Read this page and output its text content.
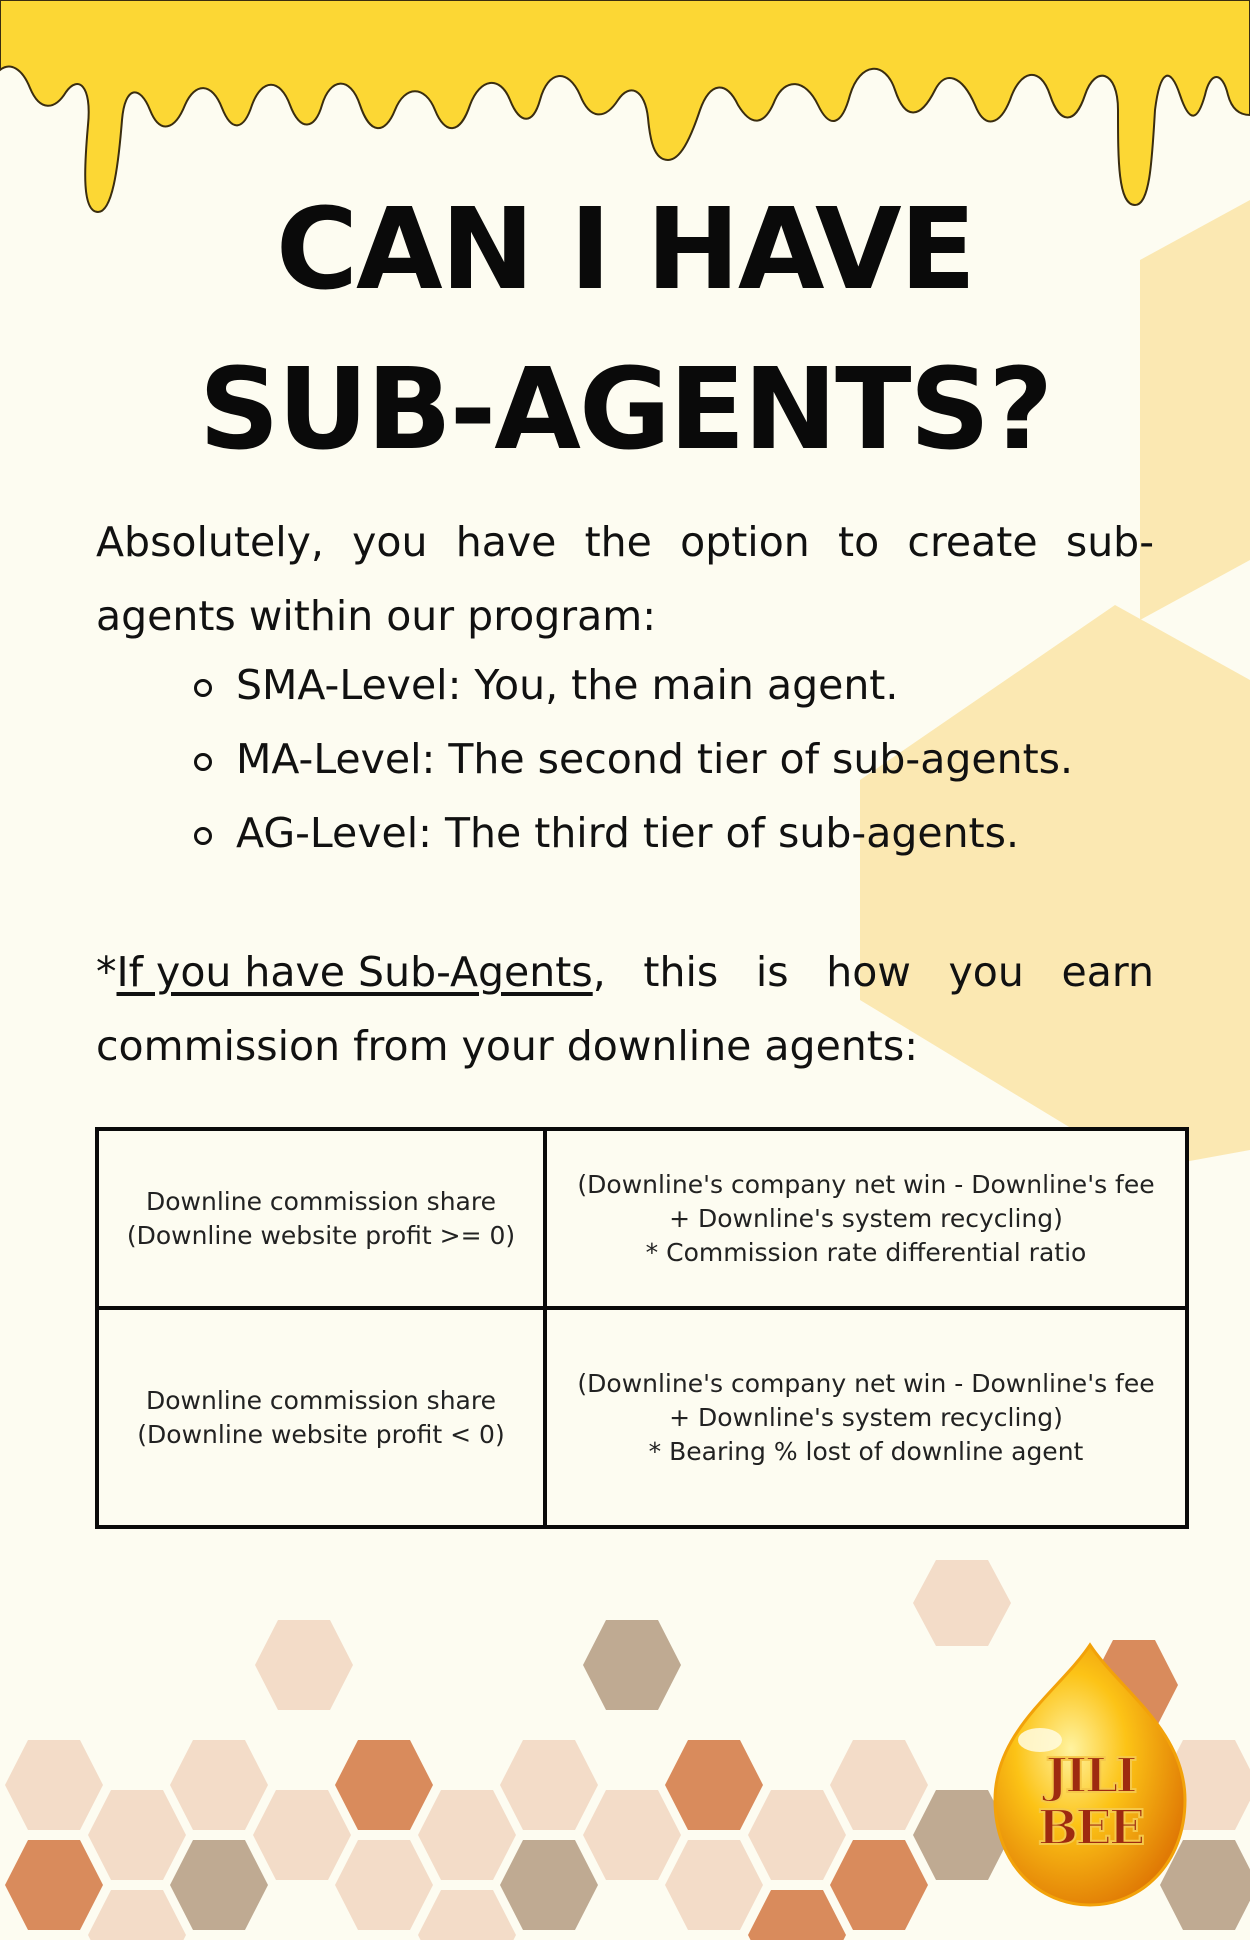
CAN I HAVE
SUB-AGENTS?

Absolutely, you have the option to create sub-agents within our program:

SMA-Level: You, the main agent.
MA-Level: The second tier of sub-agents.
AG-Level: The third tier of sub-agents.
*If you have Sub-Agents, this is how you earn
commission from your downline agents:
Downline commission share
(Downline website profit >= 0)	(Downline's company net win - Downline's fee
+ Downline's system recycling)
* Commission rate differential ratio

Downline commission share
(Downline website profit < 0)	(Downline's company net win - Downline's fee
+ Downline's system recycling)
* Bearing % lost of downline agent
JILI
BEE
